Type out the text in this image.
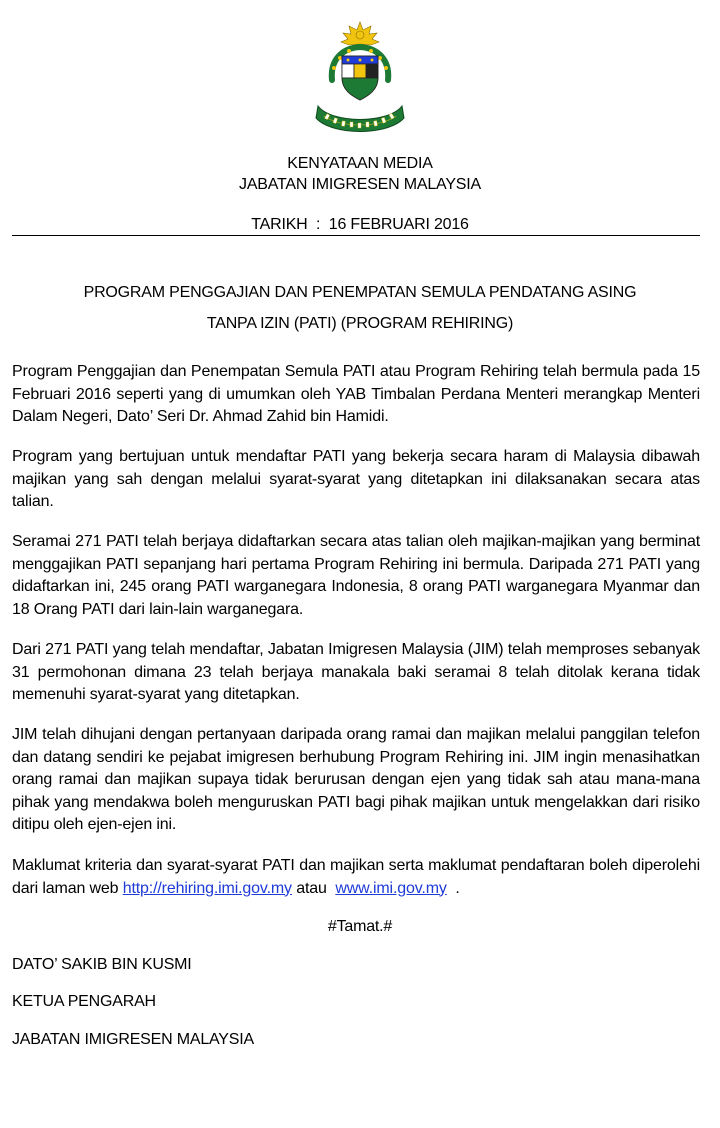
KENYATAAN MEDIA
JABATAN IMIGRESEN MALAYSIA
TARIKH  :  16 FEBRUARI 2016
PROGRAM PENGGAJIAN DAN PENEMPATAN SEMULA PENDATANG ASING
TANPA IZIN (PATI) (PROGRAM REHIRING)

Program Penggajian dan Penempatan Semula PATI atau Program Rehiring telah bermula pada 15 Februari 2016 seperti yang di umumkan oleh YAB Timbalan Perdana Menteri merangkap Menteri Dalam Negeri, Dato’ Seri Dr. Ahmad Zahid bin Hamidi.

Program yang bertujuan untuk mendaftar PATI yang bekerja secara haram di Malaysia dibawah majikan yang sah dengan melalui syarat-syarat yang ditetapkan ini dilaksanakan secara atas talian.

Seramai 271 PATI telah berjaya didaftarkan secara atas talian oleh majikan-majikan yang berminat menggajikan PATI sepanjang hari pertama Program Rehiring ini bermula. Daripada 271 PATI yang didaftarkan ini, 245 orang PATI warganegara Indonesia, 8 orang PATI warganegara Myanmar dan 18 Orang PATI dari lain-lain warganegara.

Dari 271 PATI yang telah mendaftar, Jabatan Imigresen Malaysia (JIM) telah memproses sebanyak 31 permohonan dimana 23 telah berjaya manakala baki seramai 8 telah ditolak kerana tidak memenuhi syarat-syarat yang ditetapkan.

JIM telah dihujani dengan pertanyaan daripada orang ramai dan majikan melalui panggilan telefon dan datang sendiri ke pejabat imigresen berhubung Program Rehiring ini. JIM ingin menasihatkan orang ramai dan majikan supaya tidak berurusan dengan ejen yang tidak sah atau mana-mana pihak yang mendakwa boleh menguruskan PATI bagi pihak majikan untuk mengelakkan dari risiko ditipu oleh ejen-ejen ini.

Maklumat kriteria dan syarat-syarat PATI dan majikan serta maklumat pendaftaran boleh diperolehi dari laman web http://rehiring.imi.gov.my atau  www.imi.gov.my  .

#Tamat.#
DATO’ SAKIB BIN KUSMI
KETUA PENGARAH
JABATAN IMIGRESEN MALAYSIA
